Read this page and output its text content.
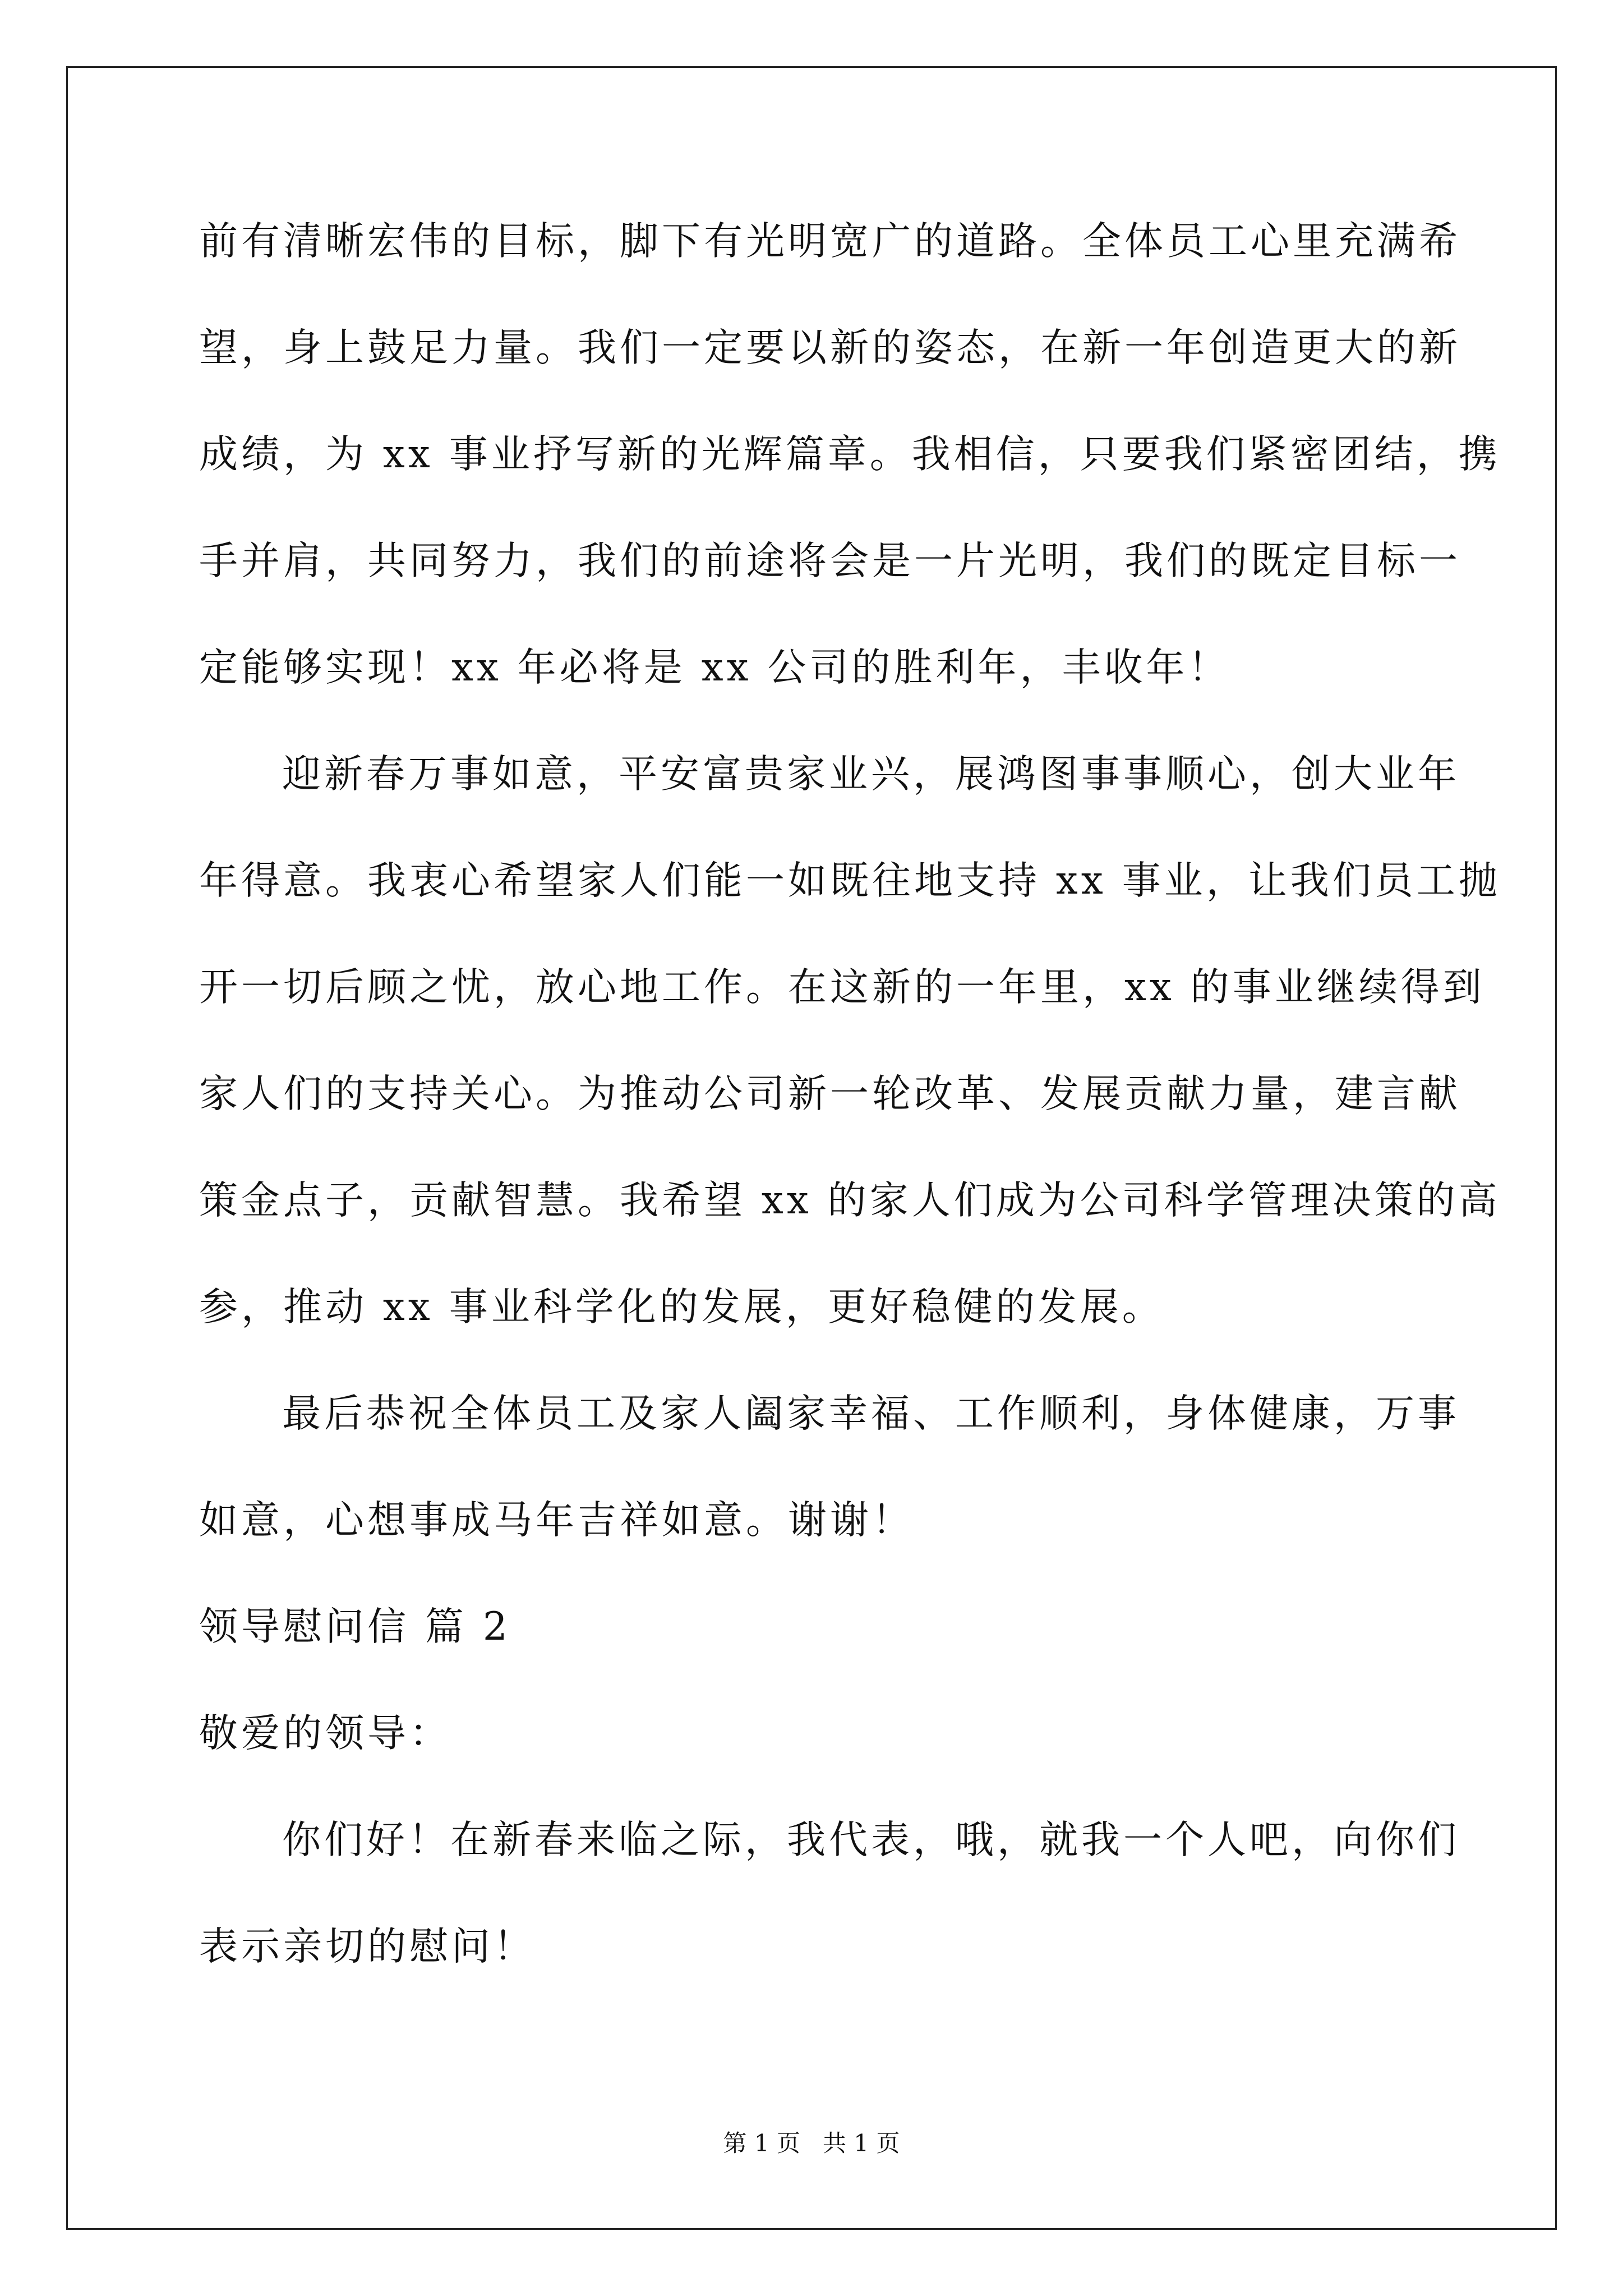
前有清晰宏伟的目标，脚下有光明宽广的道路。全体员工心里充满希
望，身上鼓足力量。我们一定要以新的姿态，在新一年创造更大的新
成绩，为 xx 事业抒写新的光辉篇章。我相信，只要我们紧密团结，携
手并肩，共同努力，我们的前途将会是一片光明，我们的既定目标一
定能够实现！xx 年必将是 xx 公司的胜利年，丰收年！
迎新春万事如意，平安富贵家业兴，展鸿图事事顺心，创大业年
年得意。我衷心希望家人们能一如既往地支持 xx 事业，让我们员工抛
开一切后顾之忧，放心地工作。在这新的一年里，xx 的事业继续得到
家人们的支持关心。为推动公司新一轮改革、发展贡献力量，建言献
策金点子，贡献智慧。我希望 xx 的家人们成为公司科学管理决策的高
参，推动 xx 事业科学化的发展，更好稳健的发展。
最后恭祝全体员工及家人阖家幸福、工作顺利，身体健康，万事
如意，心想事成马年吉祥如意。谢谢！
领导慰问信 篇 2
敬爱的领导：
你们好！在新春来临之际，我代表，哦，就我一个人吧，向你们
表示亲切的慰问！
第 1 页   共 1 页
